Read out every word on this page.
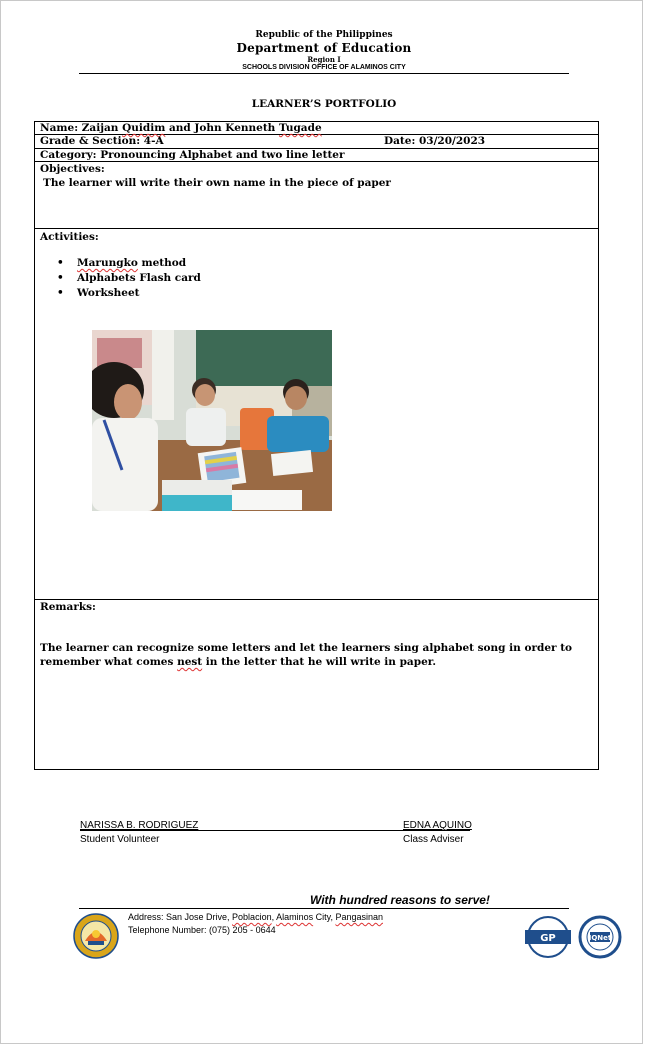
Republic of the Philippines
Department of Education
Region I
SCHOOLS DIVISION OFFICE OF ALAMINOS CITY
LEARNER’S PORTFOLIO
Name: Zaijan Quidim and John Kenneth Tugade
Grade & Section: 4-A	Date: 03/20/2023
Category: Pronouncing Alphabet and two line letter
Objectives:
The learner will write their own name in the piece of paper
Activities:
• Marungko method
• Alphabets Flash card
• Worksheet
Remarks:
The learner can recognize some letters and let the learners sing alphabet song in order to remember what comes nest in the letter that he will write in paper.
NARISSA B. RODRIGUEZ
Student Volunteer
EDNA AQUINO
Class Adviser
With hundred reasons to serve!
Address: San Jose Drive, Poblacion, Alaminos City, Pangasinan
Telephone Number: (075) 205 - 0644
GP	IQNet
